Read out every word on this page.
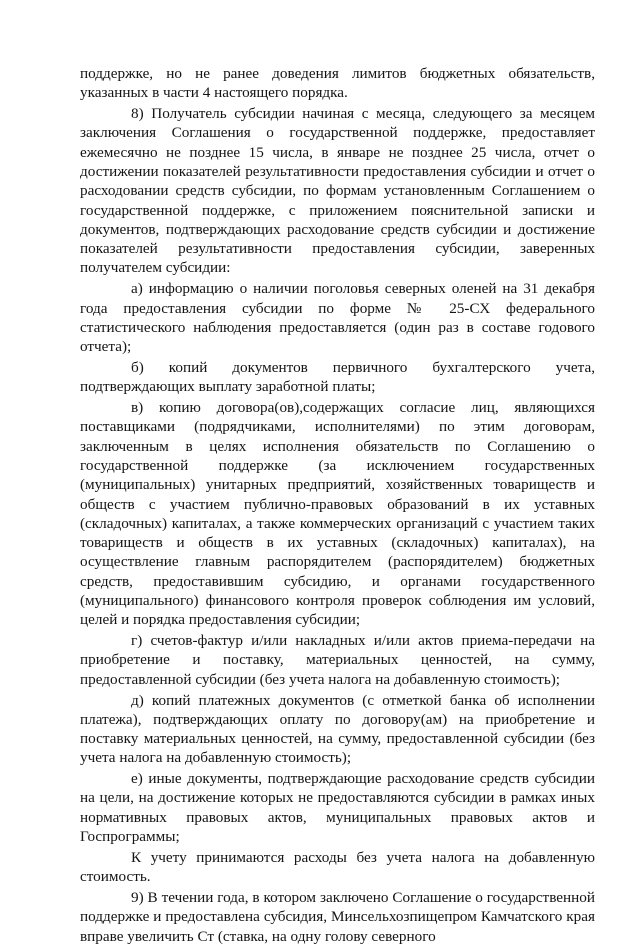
поддержке, но не ранее доведения лимитов бюджетных обязательств, указанных в части 4 настоящего порядка.

8) Получатель субсидии начиная с месяца, следующего за месяцем заключения Соглашения о государственной поддержке, предоставляет ежемесячно не позднее 15 числа, в январе не позднее 25 числа, отчет о достижении показателей результативности предоставления субсидии и отчет о расходовании средств субсидии, по формам установленным Соглашением о государственной поддержке, с приложением пояснительной записки и документов, подтверждающих расходование средств субсидии и достижение показателей результативности предоставления субсидии, заверенных получателем субсидии:

а) информацию о наличии поголовья северных оленей на 31 декабря года предоставления субсидии по форме № 25-СХ федерального статистического наблюдения предоставляется (один раз в составе годового отчета);

б) копий документов первичного бухгалтерского учета, подтверждающих выплату заработной платы;

в) копию договора(ов),содержащих согласие лиц, являющихся поставщиками (подрядчиками, исполнителями) по этим договорам, заключенным в целях исполнения обязательств по Соглашению о государственной поддержке (за исключением государственных (муниципальных) унитарных предприятий, хозяйственных товариществ и обществ с участием публично-правовых образований в их уставных (складочных) капиталах, а также коммерческих организаций с участием таких товариществ и обществ в их уставных (складочных) капиталах), на осуществление главным распорядителем (распорядителем) бюджетных средств, предоставившим субсидию, и органами государственного (муниципального) финансового контроля проверок соблюдения им условий, целей и порядка предоставления субсидии;

г) счетов-фактур и/или накладных и/или актов приема-передачи на приобретение и поставку, материальных ценностей, на сумму, предоставленной субсидии (без учета налога на добавленную стоимость);

д) копий платежных документов (с отметкой банка об исполнении платежа), подтверждающих оплату по договору(ам) на приобретение и поставку материальных ценностей, на сумму, предоставленной субсидии (без учета налога на добавленную стоимость);

е) иные документы, подтверждающие расходование средств субсидии на цели, на достижение которых не предоставляются субсидии в рамках иных нормативных правовых актов, муниципальных правовых актов и Госпрограммы;

К учету принимаются расходы без учета налога на добавленную стоимость.

9) В течении года, в котором заключено Соглашение о государственной поддержке и предоставлена субсидия, Минсельхозпищепром Камчатского края вправе увеличить Ст (ставка, на одну голову северного
